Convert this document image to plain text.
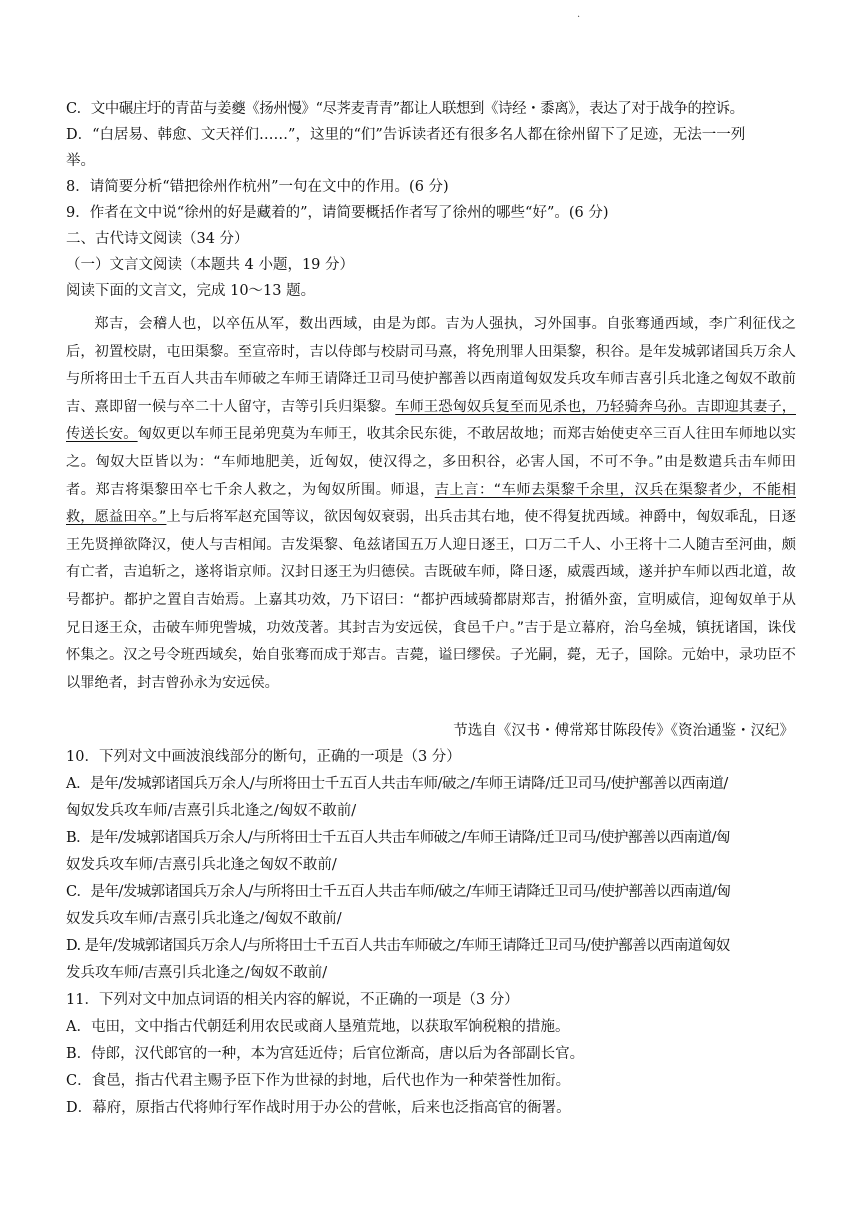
·

C．文中碾庄圩的青苗与姜夔《扬州慢》“尽荠麦青青”都让人联想到《诗经・黍离》，表达了对于战争的控诉。

D．“白居易、韩愈、文天祥们……”，这里的“们”告诉读者还有很多名人都在徐州留下了足迹，无法一一列

举。

8．请简要分析“错把徐州作杭州”一句在文中的作用。(6 分)

9．作者在文中说“徐州的好是藏着的”，请简要概括作者写了徐州的哪些“好”。(6 分)

二、古代诗文阅读（34 分）

（一）文言文阅读（本题共 4 小题，19 分）

阅读下面的文言文，完成 10～13 题。

郑吉，会稽人也，以卒伍从军，数出西域，由是为郎。吉为人强执，习外国事。自张骞通西域，李广利征伐之后，初置校尉，屯田渠黎。至宣帝时，吉以侍郎与校尉司马熹，将免刑罪人田渠黎，积谷。是年发城郭诸国兵万余人与所将田士千五百人共击车师破之车师王请降迁卫司马使护鄯善以西南道匈奴发兵攻车师吉喜引兵北逢之匈奴不敢前 吉、熹即留一候与卒二十人留守，吉等引兵归渠黎。车师王恐匈奴兵复至而见杀也，乃轻骑奔乌孙。吉即迎其妻子，传送长安。匈奴更以车师王昆弟兜莫为车师王，收其余民东徙，不敢居故地；而郑吉始使吏卒三百人往田车师地以实之。匈奴大臣皆以为：“车师地肥美，近匈奴，使汉得之，多田积谷，必害人国，不可不争。”由是数遣兵击车师田者。郑吉将渠黎田卒七千余人救之，为匈奴所围。师退，吉上言：“车师去渠黎千余里，汉兵在渠黎者少，不能相救，愿益田卒。”上与后将军赵充国等议，欲因匈奴衰弱，出兵击其右地，使不得复扰西域。神爵中，匈奴乖乱，日逐王先贤掸欲降汉，使人与吉相闻。吉发渠黎、龟兹诸国五万人迎日逐王，口万二千人、小王将十二人随吉至河曲，颇有亡者，吉追斩之，遂将诣京师。汉封日逐王为归德侯。吉既破车师，降日逐，威震西域，遂并护车师以西北道，故号都护。都护之置自吉始焉。上嘉其功效，乃下诏曰：“都护西域骑都尉郑吉，拊循外蛮，宣明威信，迎匈奴单于从兄日逐王众，击破车师兜訾城，功效茂著。其封吉为安远侯，食邑千户。”吉于是立幕府，治乌垒城，镇抚诸国，诛伐怀集之。汉之号令班西域矣，始自张骞而成于郑吉。吉薨，谥曰缪侯。子光嗣，薨，无子，国除。元始中，录功臣不以罪绝者，封吉曾孙永为安远侯。

节选自《汉书・傅常郑甘陈段传》《资治通鉴・汉纪》

10．下列对文中画波浪线部分的断句，正确的一项是（3 分）

A．是年/发城郭诸国兵万余人/与所将田士千五百人共击车师/破之/车师王请降/迁卫司马/使护鄯善以西南道/

匈奴发兵攻车师/吉熹引兵北逢之/匈奴不敢前/

B．是年/发城郭诸国兵万余人/与所将田士千五百人共击车师破之/车师王请降/迁卫司马/使护鄯善以西南道/匈

奴发兵攻车师/吉熹引兵北逢之匈奴不敢前/

C．是年/发城郭诸国兵万余人/与所将田士千五百人共击车师/破之/车师王请降迁卫司马/使护鄯善以西南道/匈

奴发兵攻车师/吉熹引兵北逢之/匈奴不敢前/

D. 是年/发城郭诸国兵万余人/与所将田士千五百人共击车师破之/车师王请降迁卫司马/使护鄯善以西南道匈奴

发兵攻车师/吉熹引兵北逢之/匈奴不敢前/

11．下列对文中加点词语的相关内容的解说，不正确的一项是（3 分）

A．屯田，文中指古代朝廷利用农民或商人垦殖荒地，以获取军饷税粮的措施。

B．侍郎，汉代郎官的一种，本为宫廷近侍；后官位渐高，唐以后为各部副长官。

C．食邑，指古代君主赐予臣下作为世禄的封地，后代也作为一种荣誉性加衔。

D．幕府，原指古代将帅行军作战时用于办公的营帐，后来也泛指高官的衙署。
